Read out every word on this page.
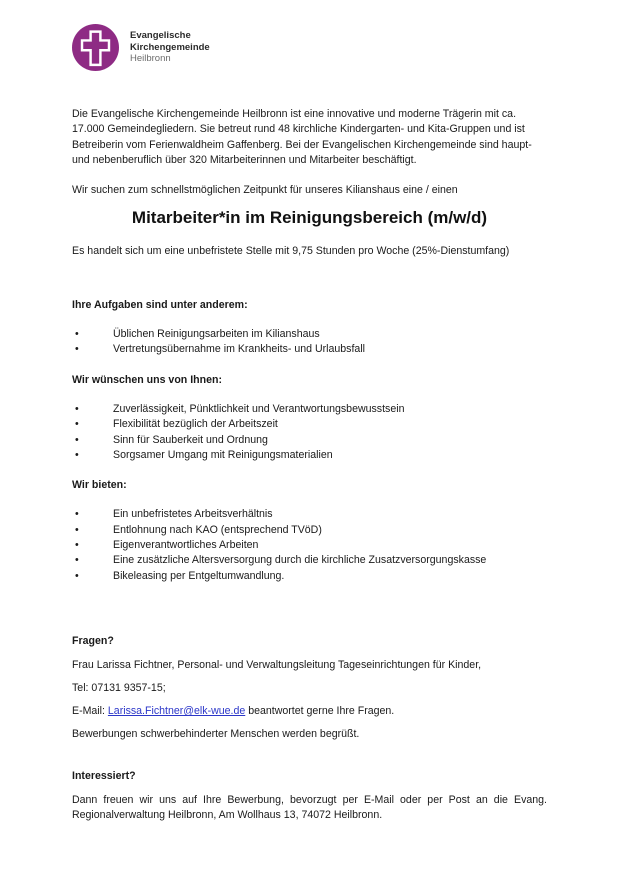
Evangelische
Kirchengemeinde
Heilbronn

Die Evangelische Kirchengemeinde Heilbronn ist eine innovative und moderne Trägerin mit ca. 17.000 Gemeindegliedern. Sie betreut rund 48 kirchliche Kindergarten- und Kita-Gruppen und ist Betreiberin vom Ferienwaldheim Gaffenberg. Bei der Evangelischen Kirchengemeinde sind haupt- und nebenberuflich über 320 Mitarbeiterinnen und Mitarbeiter beschäftigt.

Wir suchen zum schnellstmöglichen Zeitpunkt für unseres Kilianshaus eine / einen

Mitarbeiter*in im Reinigungsbereich (m/w/d)

Es handelt sich um eine unbefristete Stelle mit 9,75 Stunden pro Woche (25%-Dienstumfang)

Ihre Aufgaben sind unter anderem:

•	Üblichen Reinigungsarbeiten im Kilianshaus
•	Vertretungsübernahme im Krankheits- und Urlaubsfall

Wir wünschen uns von Ihnen:

•	Zuverlässigkeit, Pünktlichkeit und Verantwortungsbewusstsein
•	Flexibilität bezüglich der Arbeitszeit
•	Sinn für Sauberkeit und Ordnung
•	Sorgsamer Umgang mit Reinigungsmaterialien

Wir bieten:

•	Ein unbefristetes Arbeitsverhältnis
•	Entlohnung nach KAO (entsprechend TVöD)
•	Eigenverantwortliches Arbeiten
•	Eine zusätzliche Altersversorgung durch die kirchliche Zusatzversorgungskasse
•	Bikeleasing per Entgeltumwandlung.

Fragen?

Frau Larissa Fichtner, Personal- und Verwaltungsleitung Tageseinrichtungen für Kinder,

Tel: 07131 9357-15;

E-Mail: Larissa.Fichtner@elk-wue.de beantwortet gerne Ihre Fragen.

Bewerbungen schwerbehinderter Menschen werden begrüßt.

Interessiert?

Dann freuen wir uns auf Ihre Bewerbung, bevorzugt per E-Mail oder per Post an die Evang. Regionalverwaltung Heilbronn, Am Wollhaus 13, 74072 Heilbronn.
